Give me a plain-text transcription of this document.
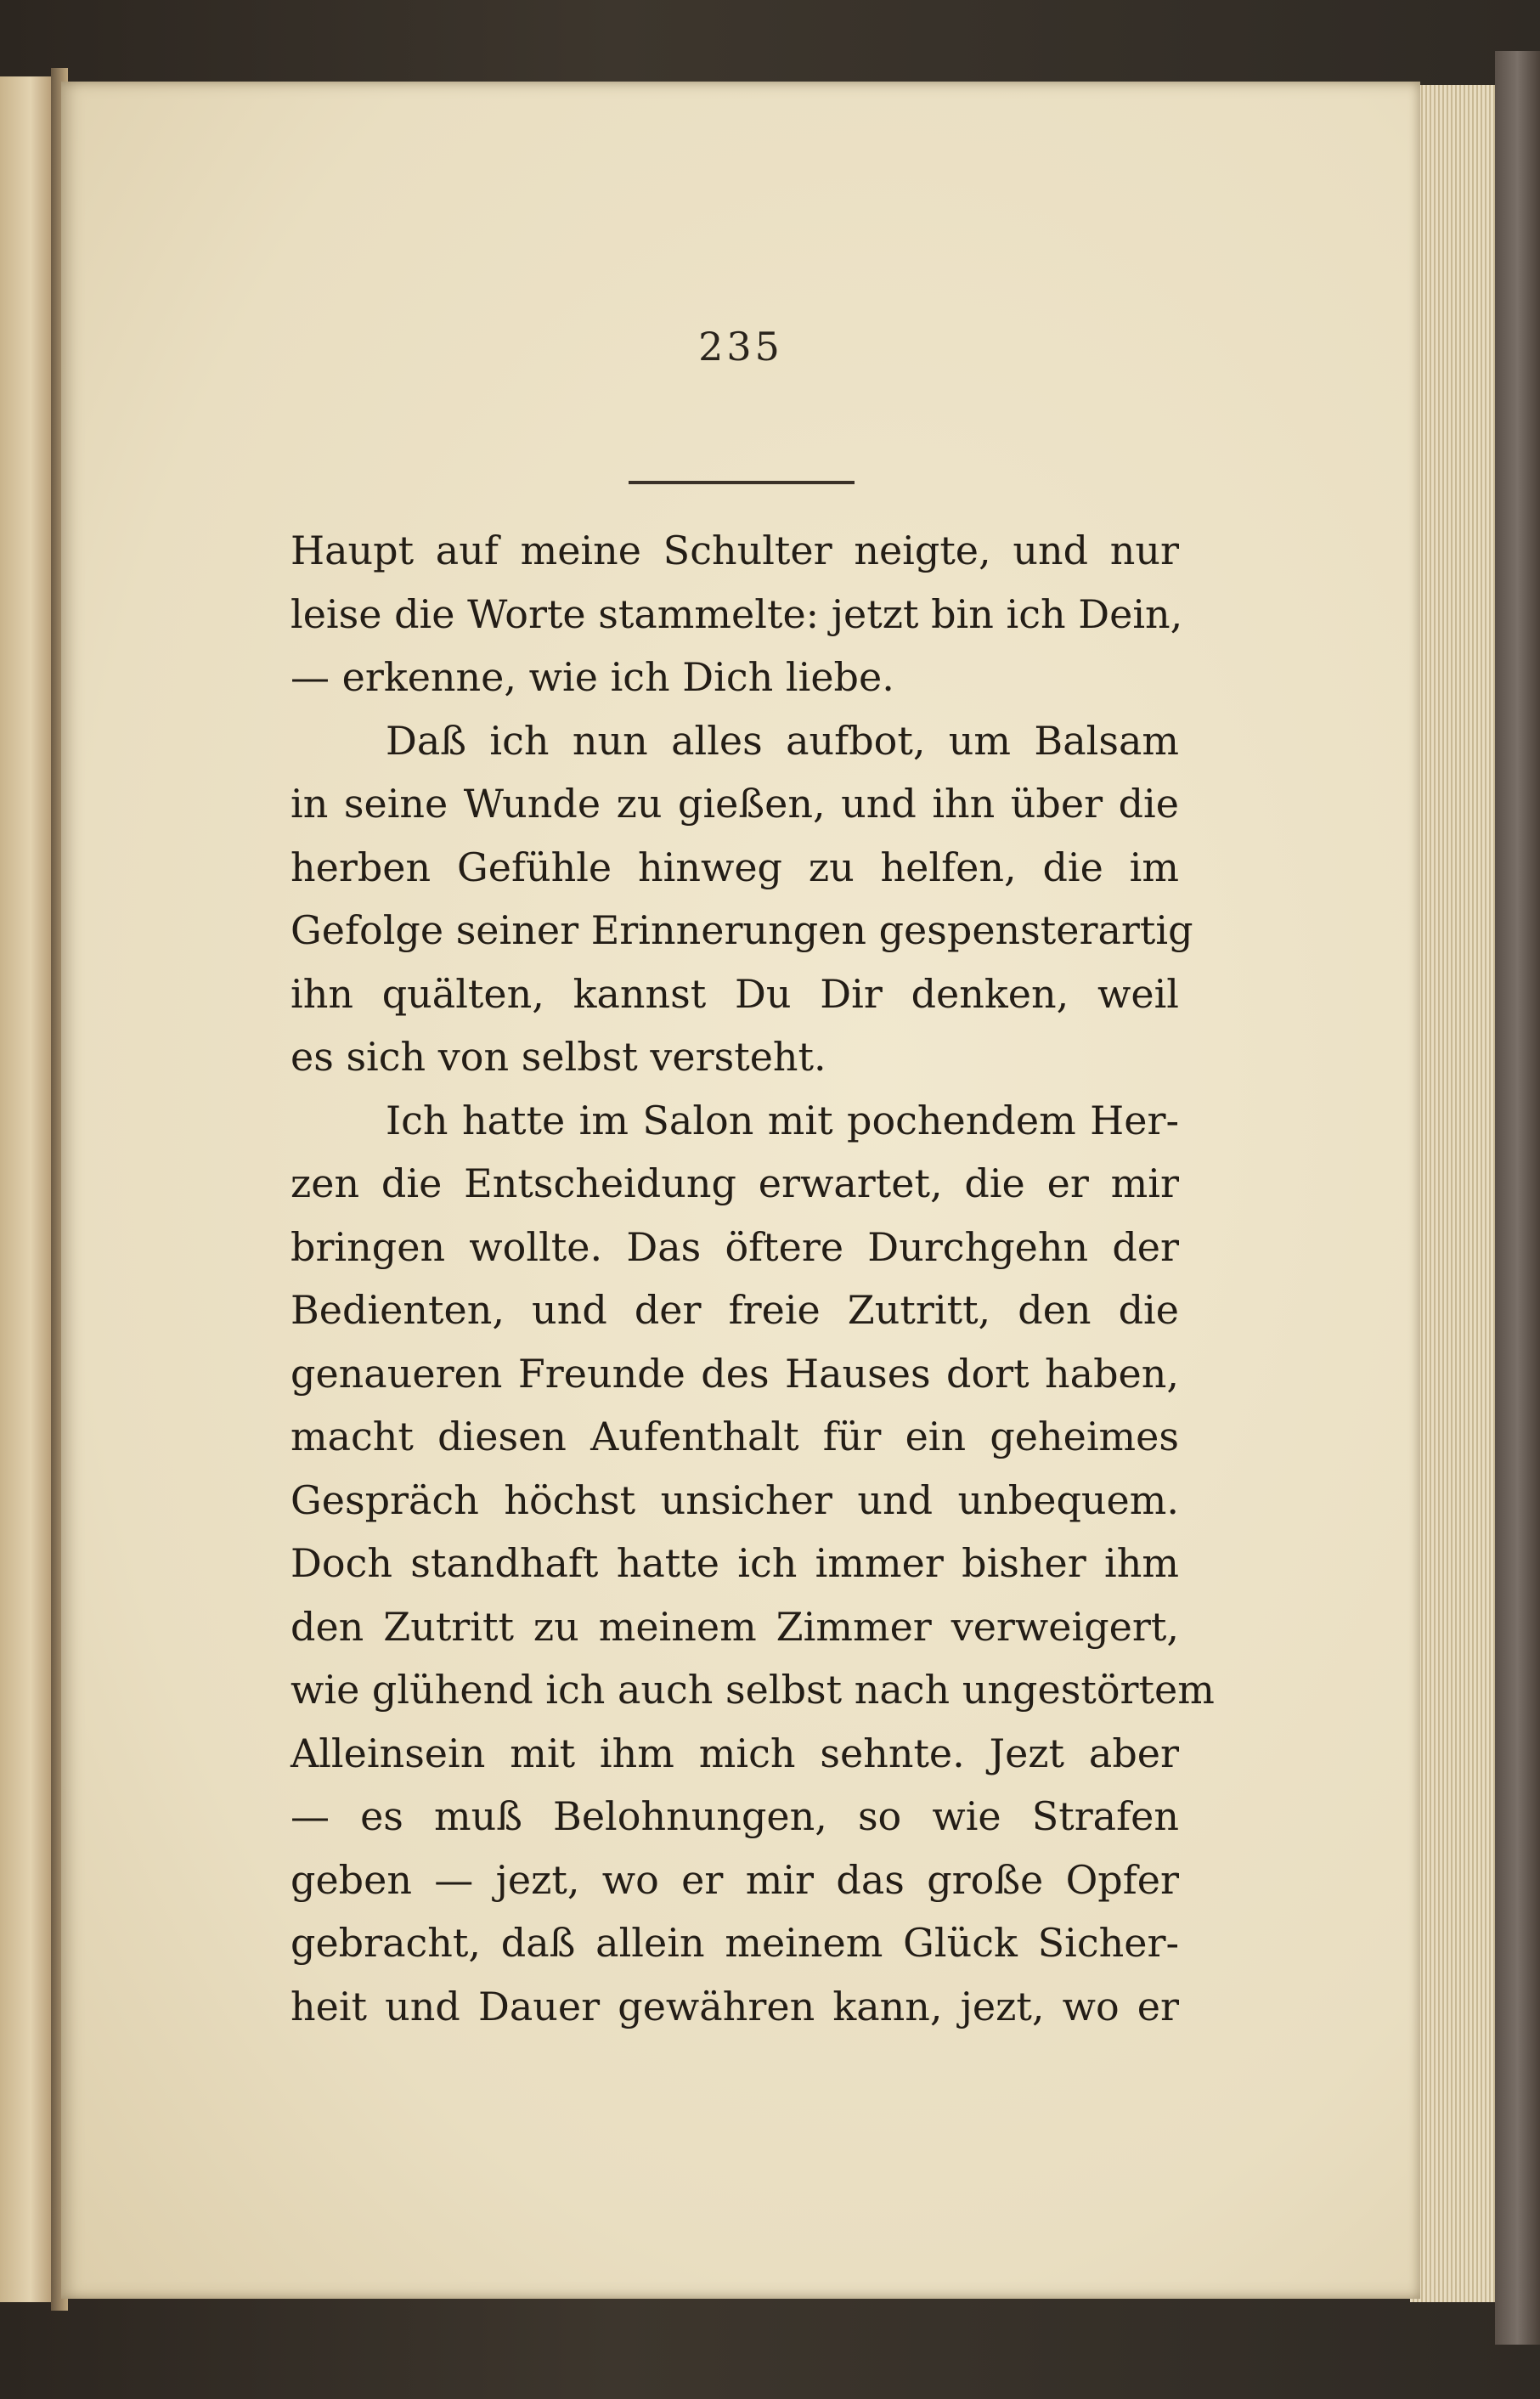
235
Haupt auf meine Schulter neigte, und nur
leise die Worte stammelte: jetzt bin ich Dein,
— erkenne, wie ich Dich liebe.
Daß ich nun alles aufbot, um Balsam
in seine Wunde zu gießen, und ihn über die
herben Gefühle hinweg zu helfen, die im
Gefolge seiner Erinnerungen gespensterartig
ihn quälten, kannst Du Dir denken, weil
es sich von selbst versteht.
Ich hatte im Salon mit pochendem Her-
zen die Entscheidung erwartet, die er mir
bringen wollte. Das öftere Durchgehn der
Bedienten, und der freie Zutritt, den die
genaueren Freunde des Hauses dort haben,
macht diesen Aufenthalt für ein geheimes
Gespräch höchst unsicher und unbequem.
Doch standhaft hatte ich immer bisher ihm
den Zutritt zu meinem Zimmer verweigert,
wie glühend ich auch selbst nach ungestörtem
Alleinsein mit ihm mich sehnte. Jezt aber
— es muß Belohnungen, so wie Strafen
geben — jezt, wo er mir das große Opfer
gebracht, daß allein meinem Glück Sicher-
heit und Dauer gewähren kann, jezt, wo er
